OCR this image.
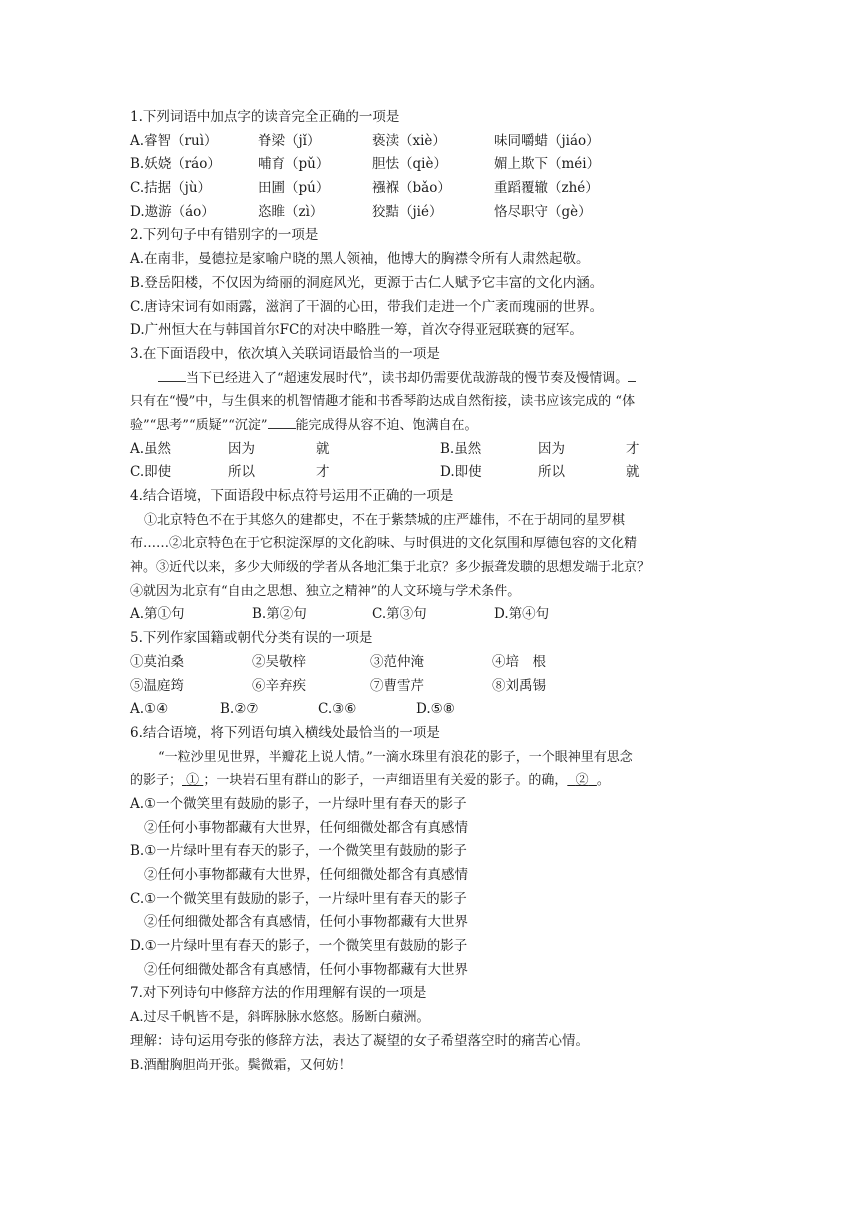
1.下列词语中加点字的读音完全正确的一项是
A.睿智（ruì）	脊梁（jǐ）	亵渎（xiè）	味同嚼蜡（jiáo）
B.妖娆（ráo）	哺育（pǔ）	胆怯（qiè）	媚上欺下（méi）
C.拮据（jù）	田圃（pú）	襁褓（bǎo）	重蹈覆辙（zhé）
D.遨游（áo）	恣睢（zì）	狡黠（jié）	恪尽职守（gè）
2.下列句子中有错别字的一项是
A.在南非，曼德拉是家喻户晓的黑人领袖，他博大的胸襟令所有人肃然起敬。
B.登岳阳楼，不仅因为绮丽的洞庭风光，更源于古仁人赋予它丰富的文化内涵。
C.唐诗宋词有如雨露，滋润了干涸的心田，带我们走进一个广袤而瑰丽的世界。
D.广州恒大在与韩国首尔FC的对决中略胜一筹，首次夺得亚冠联赛的冠军。
3.在下面语段中，依次填入关联词语最恰当的一项是
当下已经进入了“超速发展时代”，读书却仍需要优哉游哉的慢节奏及慢情调。
只有在“慢”中，与生俱来的机智情趣才能和书香琴韵达成自然衔接，读书应该完成的 “体
验”“思考”“质疑”“沉淀” 能完成得从容不迫、饱满自在。
A.虽然	因为	就	B.虽然	因为	才
C.即使	所以	才	D.即使	所以	就
4.结合语境，下面语段中标点符号运用不正确的一项是
①北京特色不在于其悠久的建都史，不在于紫禁城的庄严雄伟，不在于胡同的星罗棋
布……②北京特色在于它积淀深厚的文化韵味、与时俱进的文化氛围和厚德包容的文化精
神。③近代以来，多少大师级的学者从各地汇集于北京？多少振聋发聩的思想发端于北京？
④就因为北京有“自由之思想、独立之精神”的人文环境与学术条件。
A.第①句	B.第②句	C.第③句	D.第④句
5.下列作家国籍或朝代分类有误的一项是
①莫泊桑	②吴敬梓	③范仲淹	④培　根
⑤温庭筠	⑥辛弃疾	⑦曹雪芹	⑧刘禹锡
A.①④	B.②⑦	C.③⑥	D.⑤⑧
6.结合语境，将下列语句填入横线处最恰当的一项是
“一粒沙里见世界，半瓣花上说人情。”一滴水珠里有浪花的影子，一个眼神里有思念
的影子； ① ；一块岩石里有群山的影子，一声细语里有关爱的影子。的确， ② 。
A.①一个微笑里有鼓励的影子，一片绿叶里有春天的影子
②任何小事物都藏有大世界，任何细微处都含有真感情
B.①一片绿叶里有春天的影子，一个微笑里有鼓励的影子
②任何小事物都藏有大世界，任何细微处都含有真感情
C.①一个微笑里有鼓励的影子，一片绿叶里有春天的影子
②任何细微处都含有真感情，任何小事物都藏有大世界
D.①一片绿叶里有春天的影子，一个微笑里有鼓励的影子
②任何细微处都含有真感情，任何小事物都藏有大世界
7.对下列诗句中修辞方法的作用理解有误的一项是
A.过尽千帆皆不是，斜晖脉脉水悠悠。肠断白蘋洲。
理解：诗句运用夸张的修辞方法，表达了凝望的女子希望落空时的痛苦心情。
B.酒酣胸胆尚开张。鬓微霜，又何妨！
